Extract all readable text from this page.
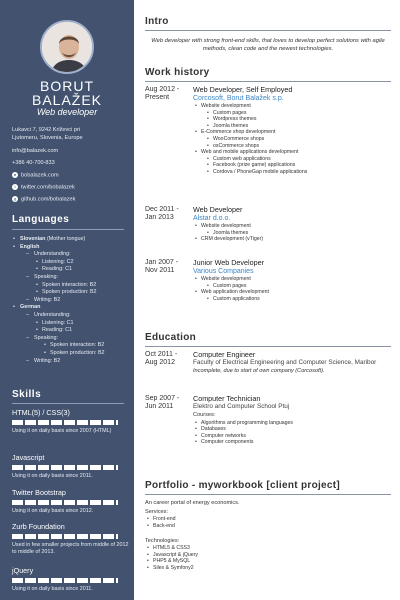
BORUT
BALAŽEK
Web developer
Lukavci 7, 9242 Križevci pri
Ljutomeru, Slovenia, Europe
info@balazek.com
+386 40-700-833
● bobalazek.com
t twitter.com/bobalazek
g github.com/bobalazek
Languages
• Slovenian (Mother tongue)
• English
– Understanding:
• Listening: C2
• Reading: C1
– Speaking:
• Spoken interaction: B2
• Spoken production: B2
– Writing: B2
• German
– Understanding:
• Listening: C1
• Reading: C1
– Speaking:
• Spoken interaction: B2
• Spoken production: B2
– Writing: B2
Skills
HTML(5) / CSS(3)
Using it on daily basis since 2007 (HTML)
Javascript
Using it on daily basis since 2011.
Twitter Bootstrap
Using it on daily basis since 2012.
Zurb Foundation
Used in few smaller projects from middle of 2012 to middle of 2013.
jQuery
Using it on daily basis since 2011.
Intro
Web developer with strong front-end skills, that loves to develop perfect solutions with agile methods, clean code and the newest technologies.
Work history
Aug 2012 - Present
Web Developer, Self Employed
Corcosoft, Borut Balažek s.p.
• Website development
• Custom pages
• Wordpress themes
• Joomla themes
• E-Commerce shop development
• WooCommerce shops
• osCommerce shops
• Web and mobile applications development
• Custom web applications
• Facebook (prize game) applications
• Cordova / PhoneGap mobile applications
Dec 2011 - Jan 2013
Web Developer
Alstar d.o.o.
• Website development
• Joomla themes
• CRM development (vTiger)
Jan 2007 - Nov 2011
Junior Web Developer
Various Companies
• Website development
• Custom pages
• Web application development
• Custom applications
Education
Oct 2011 - Aug 2012
Computer Engineer
Faculty of Electrical Engineering and Computer Science, Maribor
Incomplete, due to start of own company (Corcosoft).
Sep 2007 - Jun 2011
Computer Technician
Elektro and Computer School Ptuj
Courses:
• Algorithms and programming languages
• Databases
• Computer networks
• Computer components
Portfolio - myworkbook [client project]
An career portal of energy economics.
Services:
• Front-end
• Back-end
Technologies:
• HTML5 & CSS3
• Javascript & jQuery
• PHP5 & MySQL
• Silex & Symfony2
